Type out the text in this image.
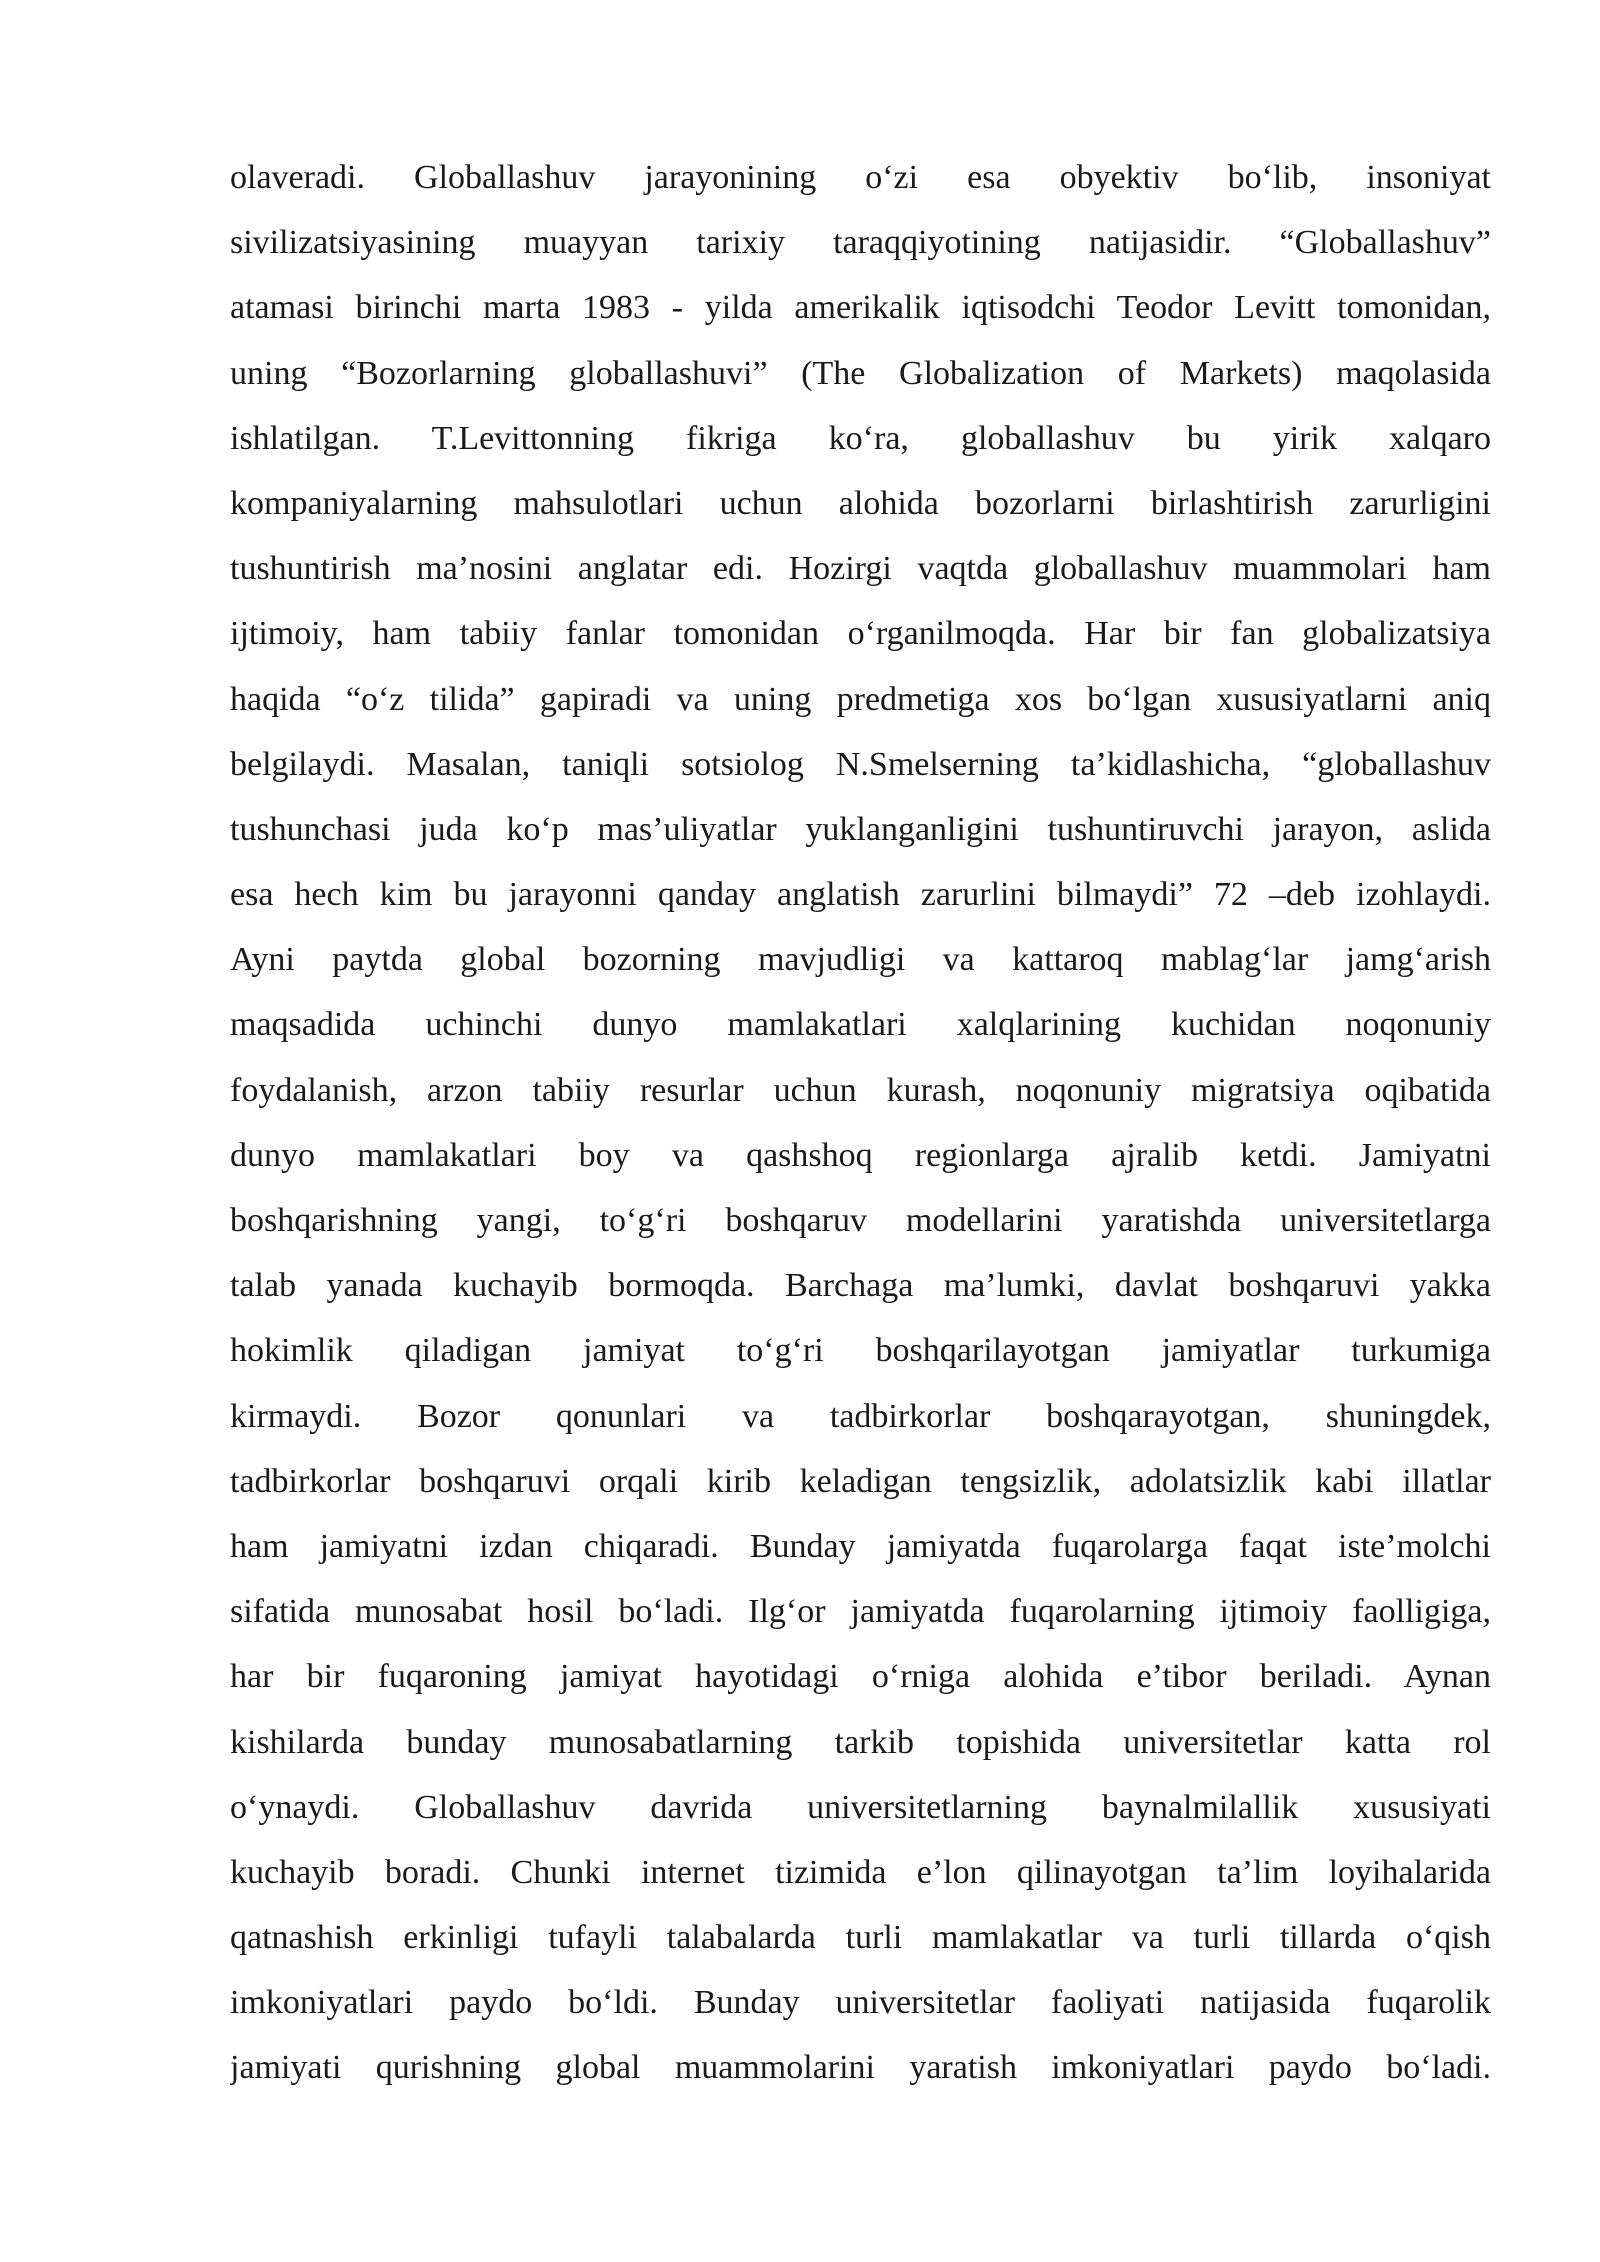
olaveradi. Globallashuv jarayonining o‘zi esa obyektiv bo‘lib, insoniyat
sivilizatsiyasining muayyan tarixiy taraqqiyotining natijasidir. “Globallashuv”
atamasi birinchi marta 1983 - yilda amerikalik iqtisodchi Teodor Levitt tomonidan,
uning “Bozorlarning globallashuvi” (The Globalization of Markets) maqolasida
ishlatilgan. T.Levittonning fikriga ko‘ra, globallashuv bu yirik xalqaro
kompaniyalarning mahsulotlari uchun alohida bozorlarni birlashtirish zarurligini
tushuntirish ma’nosini anglatar edi. Hozirgi vaqtda globallashuv muammolari ham
ijtimoiy, ham tabiiy fanlar tomonidan o‘rganilmoqda. Har bir fan globalizatsiya
haqida “o‘z tilida” gapiradi va uning predmetiga xos bo‘lgan xususiyatlarni aniq
belgilaydi. Masalan, taniqli sotsiolog N.Smelserning ta’kidlashicha, “globallashuv
tushunchasi juda ko‘p mas’uliyatlar yuklanganligini tushuntiruvchi jarayon, aslida
esa hech kim bu jarayonni qanday anglatish zarurlini bilmaydi” 72 –deb izohlaydi.
Ayni paytda global bozorning mavjudligi va kattaroq mablag‘lar jamg‘arish
maqsadida uchinchi dunyo mamlakatlari xalqlarining kuchidan noqonuniy
foydalanish, arzon tabiiy resurlar uchun kurash, noqonuniy migratsiya oqibatida
dunyo mamlakatlari boy va qashshoq regionlarga ajralib ketdi. Jamiyatni
boshqarishning yangi, to‘g‘ri boshqaruv modellarini yaratishda universitetlarga
talab yanada kuchayib bormoqda. Barchaga ma’lumki, davlat boshqaruvi yakka
hokimlik qiladigan jamiyat to‘g‘ri boshqarilayotgan jamiyatlar turkumiga
kirmaydi. Bozor qonunlari va tadbirkorlar boshqarayotgan, shuningdek,
tadbirkorlar boshqaruvi orqali kirib keladigan tengsizlik, adolatsizlik kabi illatlar
ham jamiyatni izdan chiqaradi. Bunday jamiyatda fuqarolarga faqat iste’molchi
sifatida munosabat hosil bo‘ladi. Ilg‘or jamiyatda fuqarolarning ijtimoiy faolligiga,
har bir fuqaroning jamiyat hayotidagi o‘rniga alohida e’tibor beriladi. Aynan
kishilarda bunday munosabatlarning tarkib topishida universitetlar katta rol
o‘ynaydi. Globallashuv davrida universitetlarning baynalmilallik xususiyati
kuchayib boradi. Chunki internet tizimida e’lon qilinayotgan ta’lim loyihalarida
qatnashish erkinligi tufayli talabalarda turli mamlakatlar va turli tillarda o‘qish
imkoniyatlari paydo bo‘ldi. Bunday universitetlar faoliyati natijasida fuqarolik
jamiyati qurishning global muammolarini yaratish imkoniyatlari paydo bo‘ladi.
